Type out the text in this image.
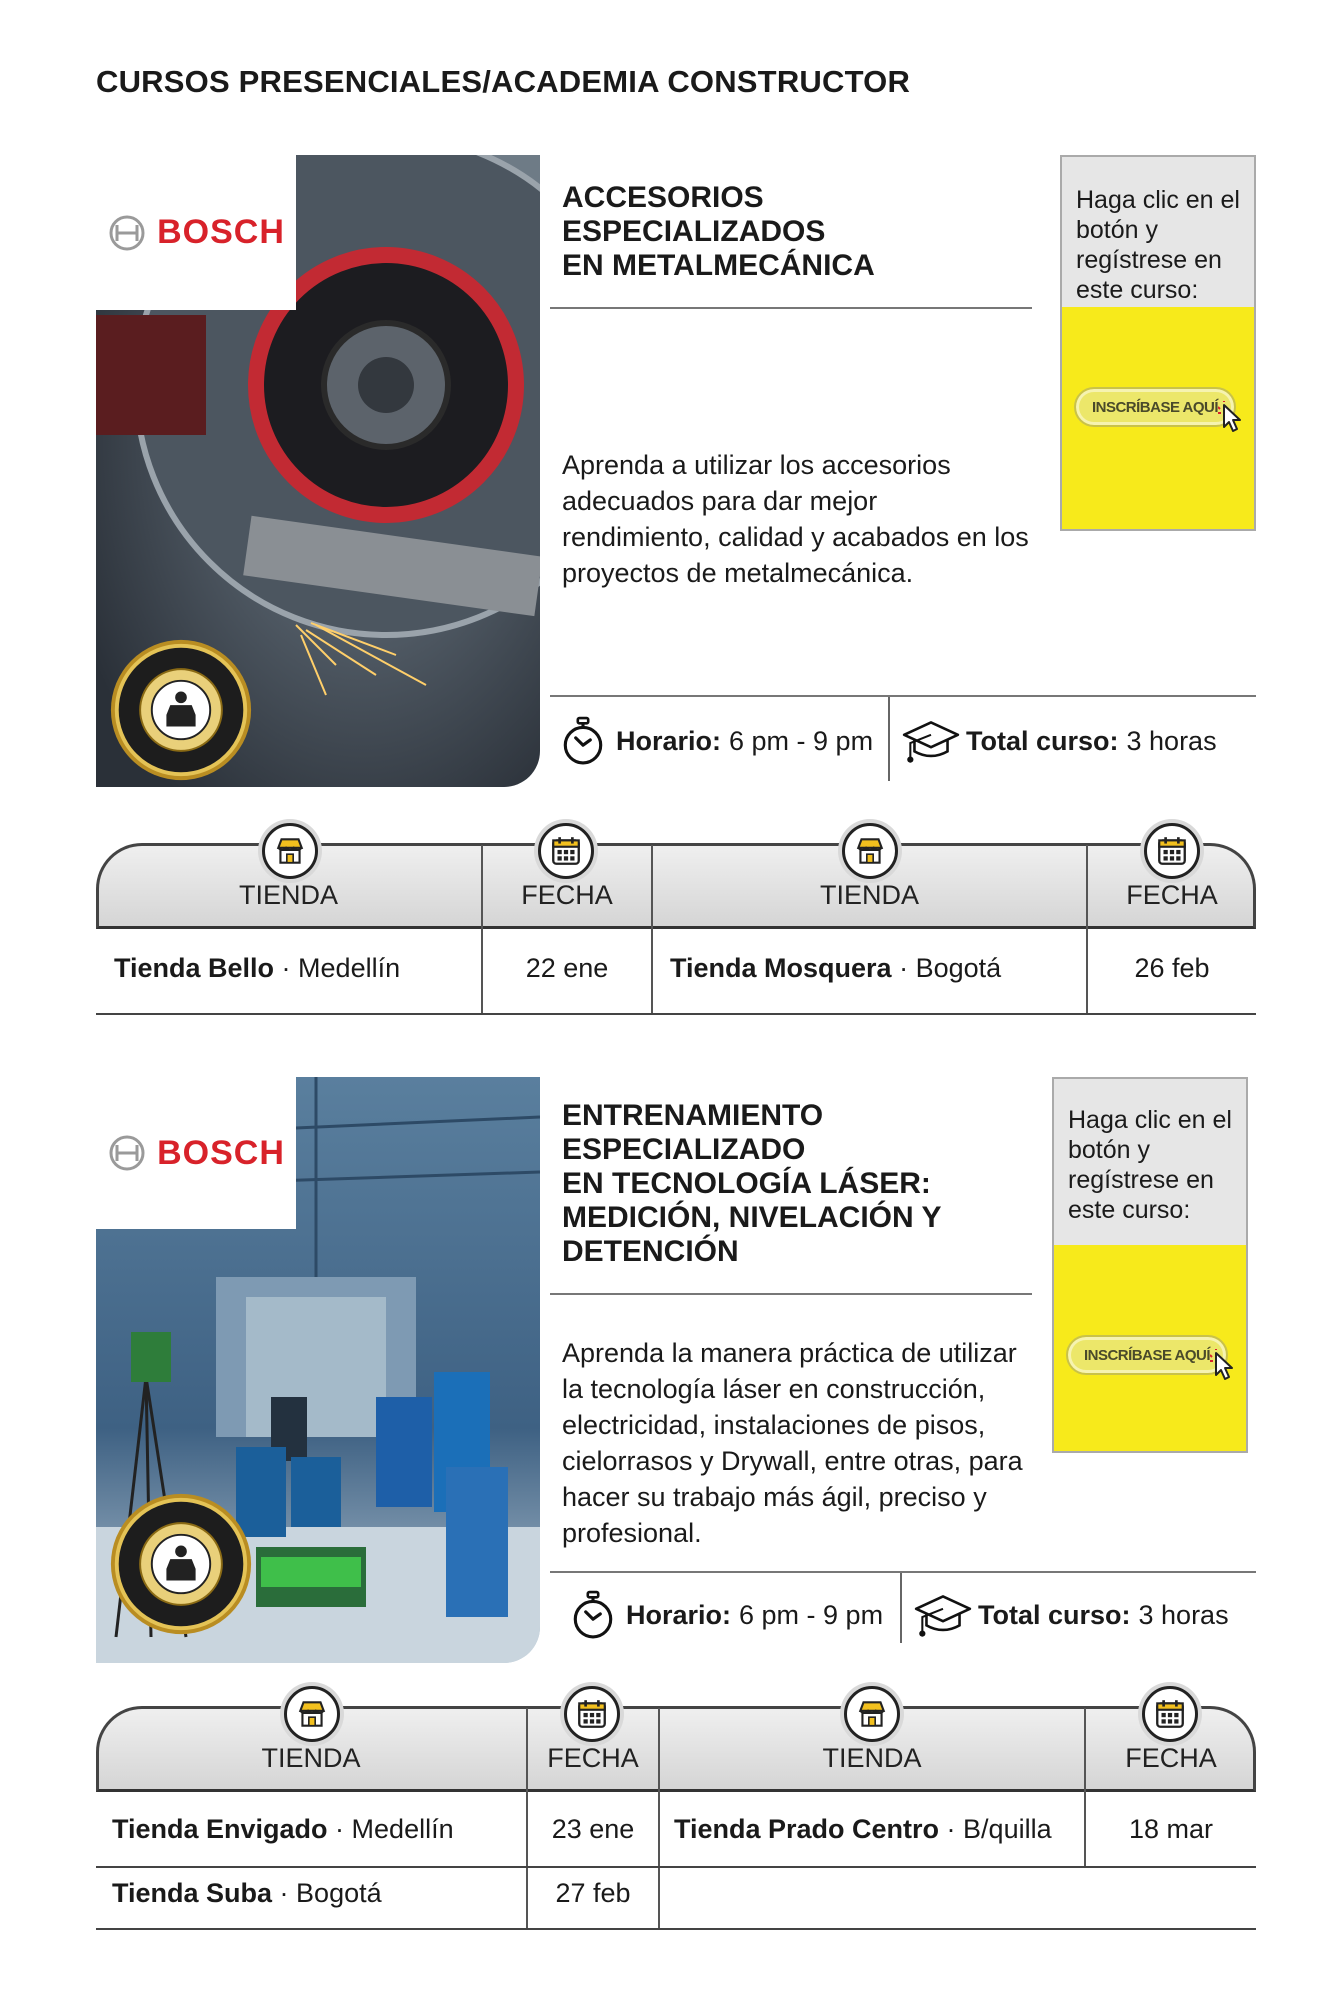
CURSOS PRESENCIALES/ACADEMIA CONSTRUCTOR
BOSCH
ACCESORIOS
ESPECIALIZADOS
EN METALMECÁNICA
Aprenda a utilizar los accesorios adecuados para dar mejor rendimiento, calidad y acabados en los proyectos de metalmecánica.
Haga clic en el botón y regístrese en este curso:
INSCRÍBASE AQUÍ
Horario: 6 pm - 9 pm	Total curso: 3 horas
TIENDA	FECHA	TIENDA	FECHA
Tienda Bello · Medellín	22 ene	Tienda Mosquera · Bogotá	26 feb
BOSCH
ENTRENAMIENTO ESPECIALIZADO
EN TECNOLOGÍA LÁSER:
MEDICIÓN, NIVELACIÓN Y
DETENCIÓN
Aprenda la manera práctica de utilizar la tecnología láser en construcción, electricidad, instalaciones de pisos, cielorrasos y Drywall, entre otras, para hacer su trabajo más ágil, preciso y profesional.
Haga clic en el botón y regístrese en este curso:
INSCRÍBASE AQUÍ
Horario: 6 pm - 9 pm	Total curso: 3 horas
TIENDA	FECHA	TIENDA	FECHA
Tienda Envigado · Medellín	23 ene	Tienda Prado Centro · B/quilla	18 mar
Tienda Suba · Bogotá	27 feb
